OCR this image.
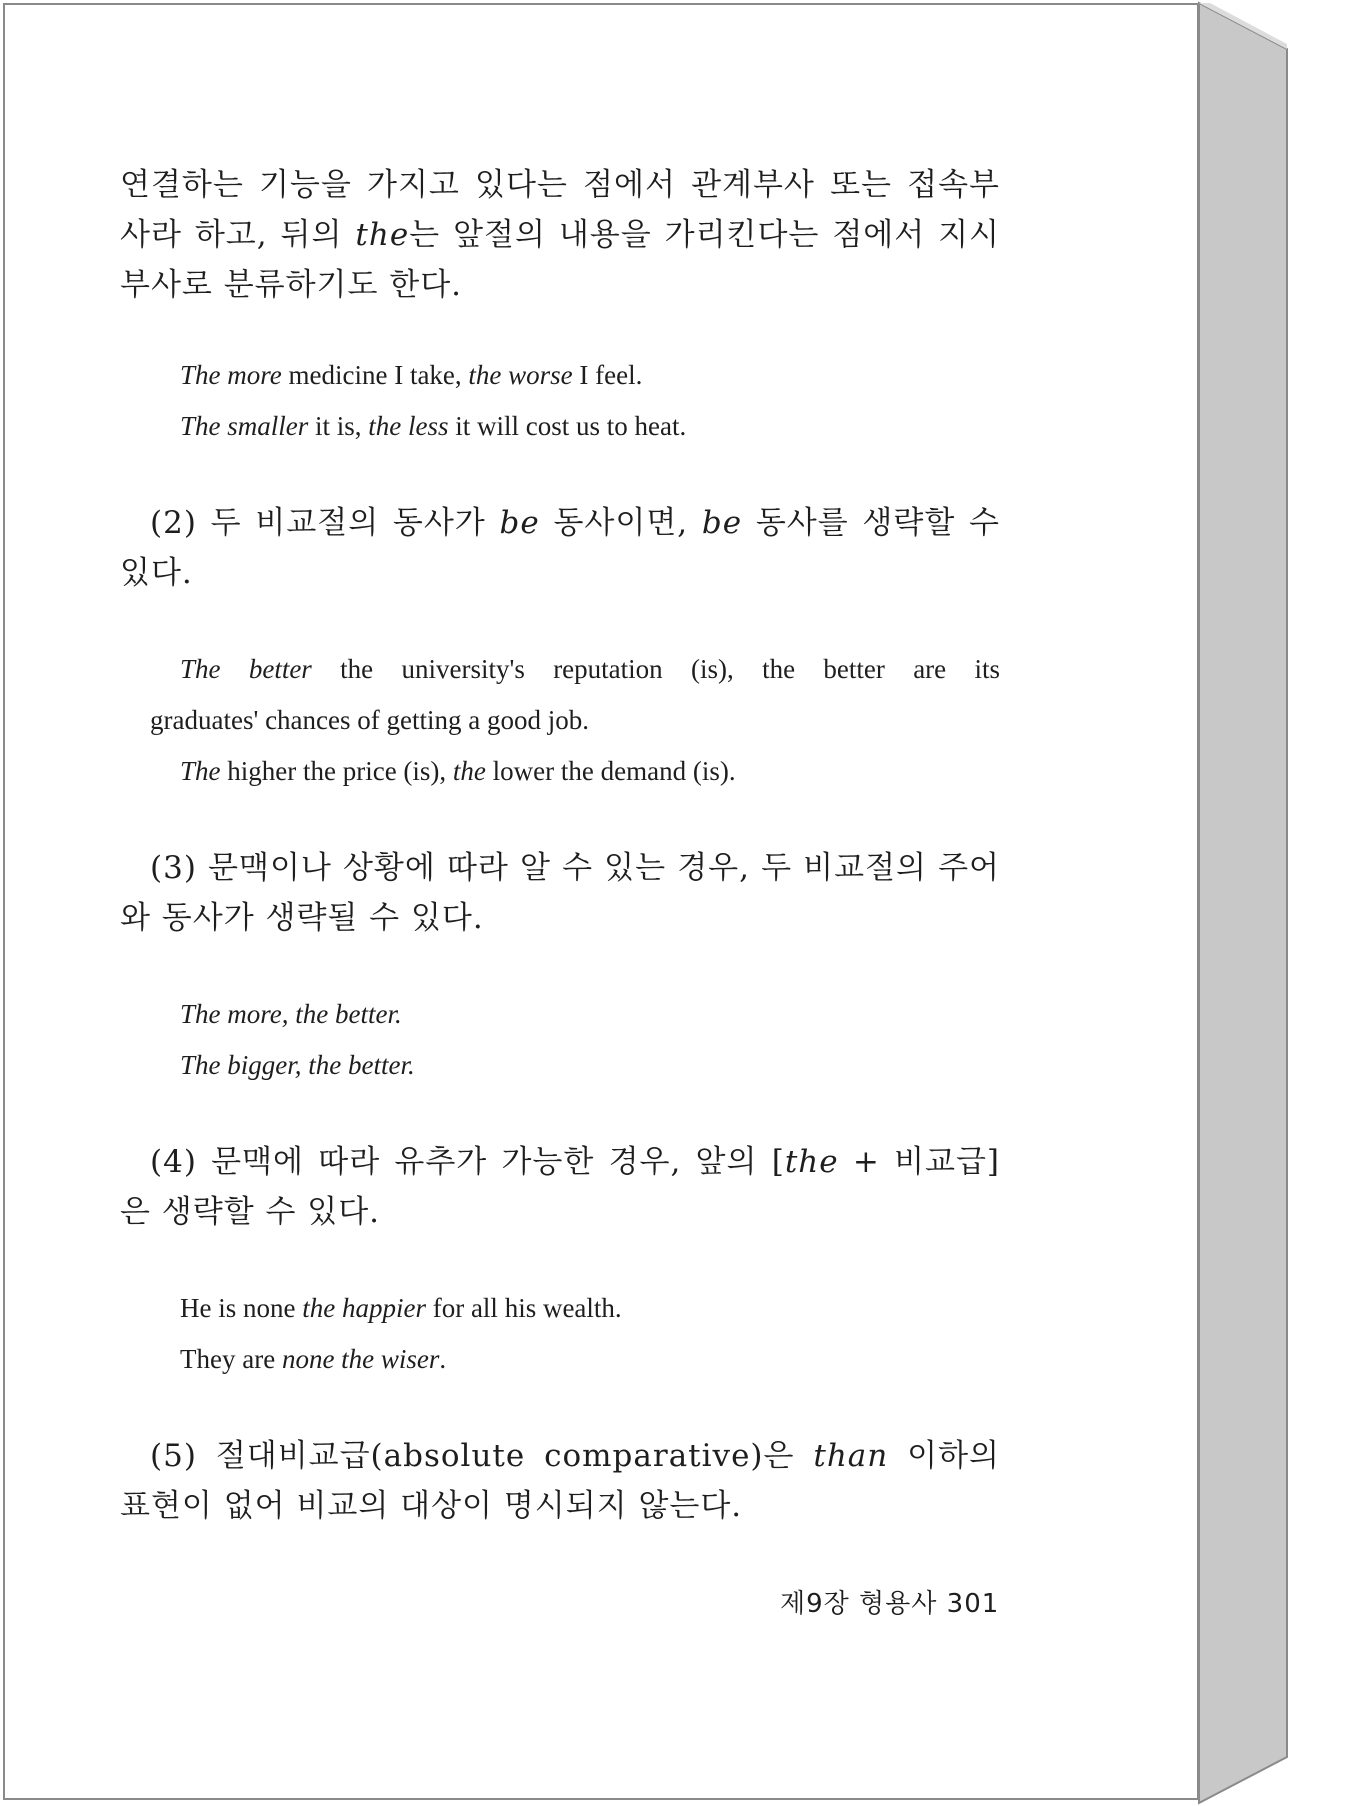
연결하는 기능을 가지고 있다는 점에서 관계부사 또는 접속부사라 하고, 뒤의 the는 앞절의 내용을 가리킨다는 점에서 지시부사로 분류하기도 한다.

The more medicine I take, the worse I feel.

The smaller it is, the less it will cost us to heat.

(2) 두 비교절의 동사가 be 동사이면, be 동사를 생략할 수 있다.

The better the university's reputation (is), the better are its

graduates' chances of getting a good job.

The higher the price (is), the lower the demand (is).

(3) 문맥이나 상황에 따라 알 수 있는 경우, 두 비교절의 주어와 동사가 생략될 수 있다.

The more, the better.

The bigger, the better.

(4) 문맥에 따라 유추가 가능한 경우, 앞의 [the + 비교급]은 생략할 수 있다.

He is none the happier for all his wealth.

They are none the wiser.

(5) 절대비교급(absolute comparative)은 than 이하의 표현이 없어 비교의 대상이 명시되지 않는다.

제9장 형용사 301
